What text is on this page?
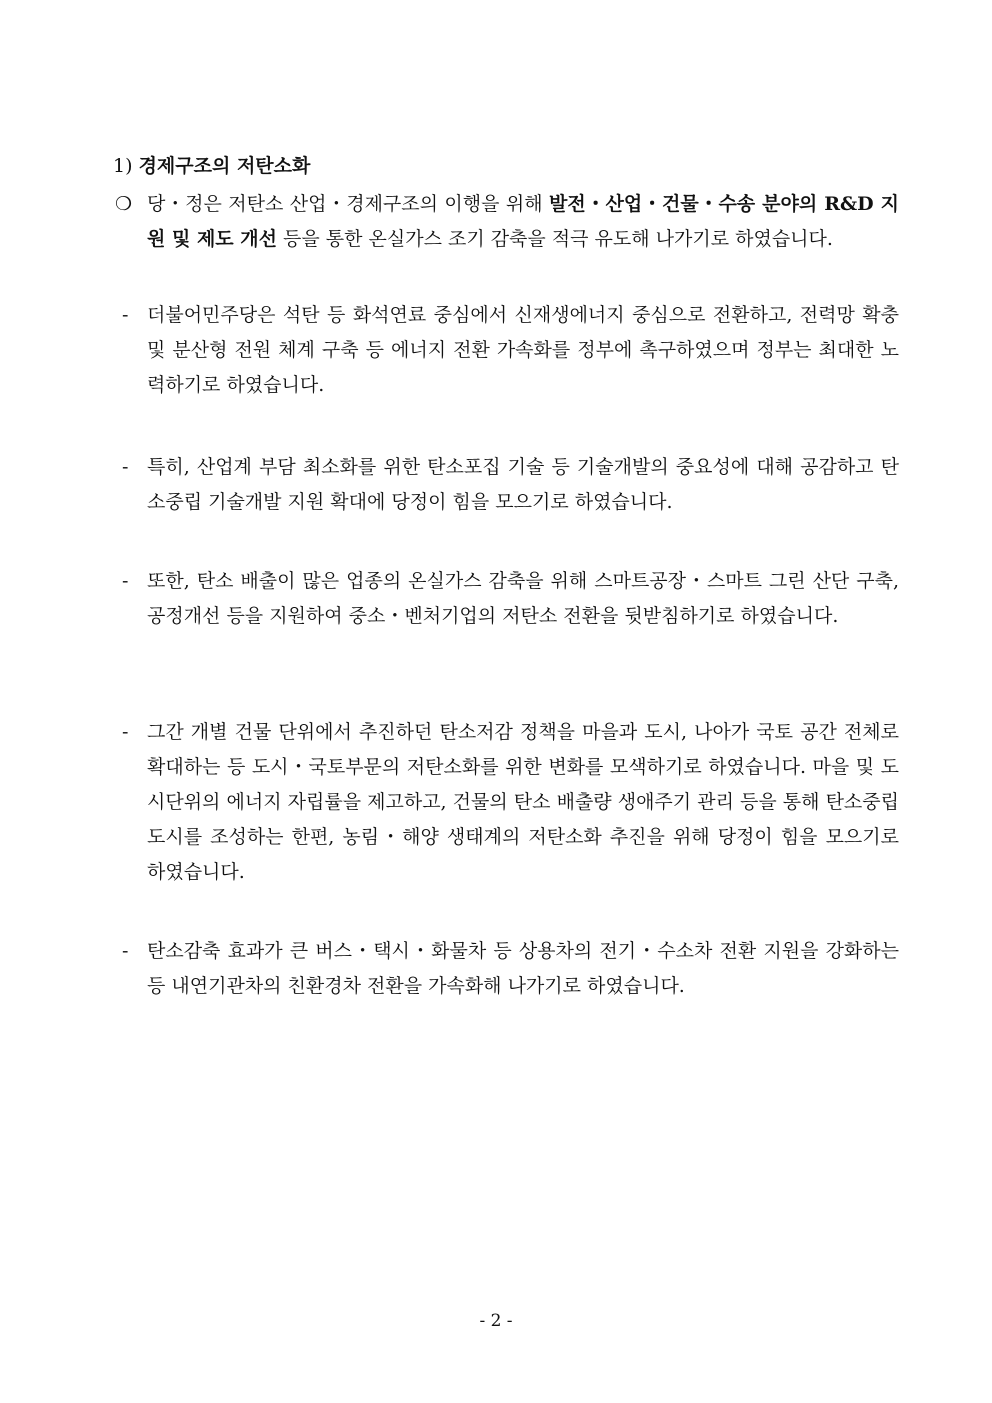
1) 경제구조의 저탄소화

❍ 당・정은 저탄소 산업・경제구조의 이행을 위해 발전・산업・건물・수송 분야의 R&D 지원 및 제도 개선 등을 통한 온실가스 조기 감축을 적극 유도해 나가기로 하였습니다.

- 더불어민주당은 석탄 등 화석연료 중심에서 신재생에너지 중심으로 전환하고, 전력망 확충 및 분산형 전원 체계 구축 등 에너지 전환 가속화를 정부에 촉구하였으며 정부는 최대한 노력하기로 하였습니다.

- 특히, 산업계 부담 최소화를 위한 탄소포집 기술 등 기술개발의 중요성에 대해 공감하고 탄소중립 기술개발 지원 확대에 당정이 힘을 모으기로 하였습니다.

- 또한, 탄소 배출이 많은 업종의 온실가스 감축을 위해 스마트공장・스마트 그린 산단 구축, 공정개선 등을 지원하여 중소・벤처기업의 저탄소 전환을 뒷받침하기로 하였습니다.

- 그간 개별 건물 단위에서 추진하던 탄소저감 정책을 마을과 도시, 나아가 국토 공간 전체로 확대하는 등 도시・국토부문의 저탄소화를 위한 변화를 모색하기로 하였습니다. 마을 및 도시단위의 에너지 자립률을 제고하고, 건물의 탄소 배출량 생애주기 관리 등을 통해 탄소중립도시를 조성하는 한편, 농림・해양 생태계의 저탄소화 추진을 위해 당정이 힘을 모으기로 하였습니다.

- 탄소감축 효과가 큰 버스・택시・화물차 등 상용차의 전기・수소차 전환 지원을 강화하는 등 내연기관차의 친환경차 전환을 가속화해 나가기로 하였습니다.

- 2 -
